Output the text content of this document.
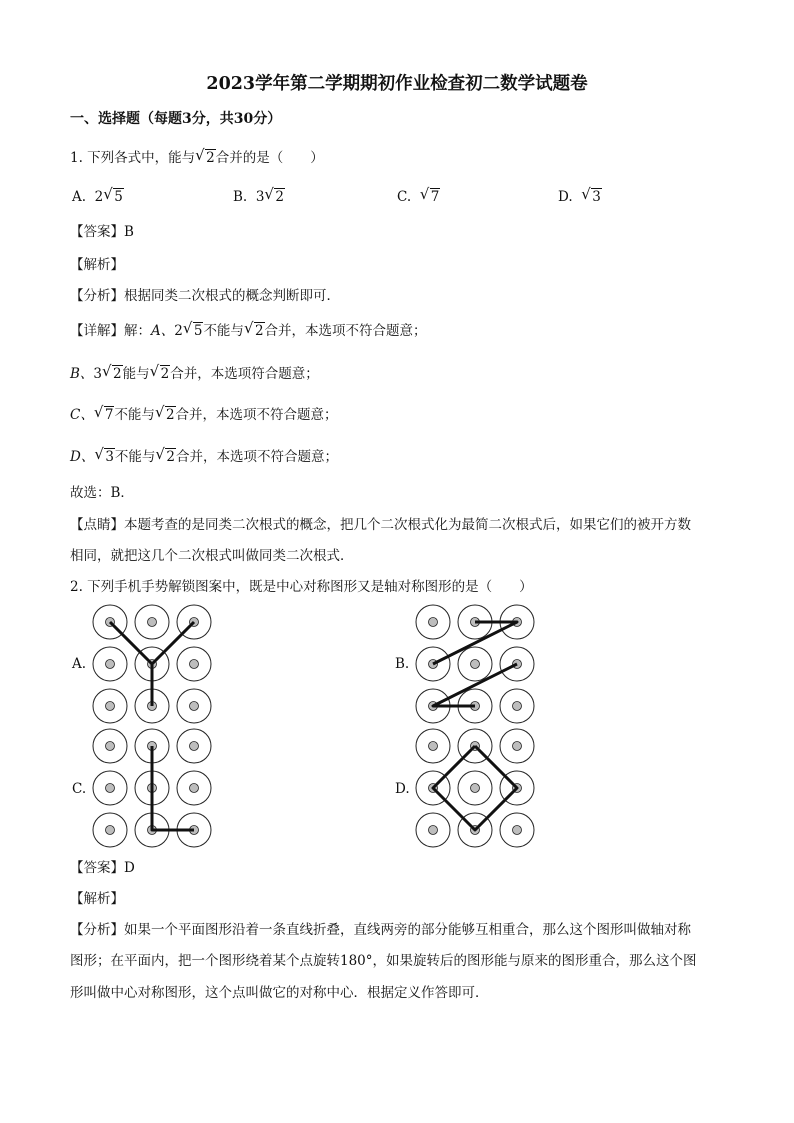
2023学年第二学期期初作业检查初二数学试题卷
一、选择题（每题3分，共30分）
1. 下列各式中，能与 √ 2合并的是（　　）
A. 2 √ 5	B. 3 √ 2	C. √ 7	D. √ 3
【答案】B
【解析】
【分析】根据同类二次根式的概念判断即可．
【详解】解：A、2 √ 5不能与 √ 2合并，本选项不符合题意；
B、3 √ 2能与 √ 2合并，本选项符合题意；
C、 √ 7不能与 √ 2合并，本选项不符合题意；
D、 √ 3不能与 √ 2合并，本选项不符合题意；
故选：B．
【点睛】本题考查的是同类二次根式的概念，把几个二次根式化为最简二次根式后，如果它们的被开方数
相同，就把这几个二次根式叫做同类二次根式．
2. 下列手机手势解锁图案中，既是中心对称图形又是轴对称图形的是（　　）
A.	B.
C.	D.
【答案】D
【解析】
【分析】如果一个平面图形沿着一条直线折叠，直线两旁的部分能够互相重合，那么这个图形叫做轴对称
图形；在平面内，把一个图形绕着某个点旋转180°，如果旋转后的图形能与原来的图形重合，那么这个图
形叫做中心对称图形，这个点叫做它的对称中心．根据定义作答即可．
